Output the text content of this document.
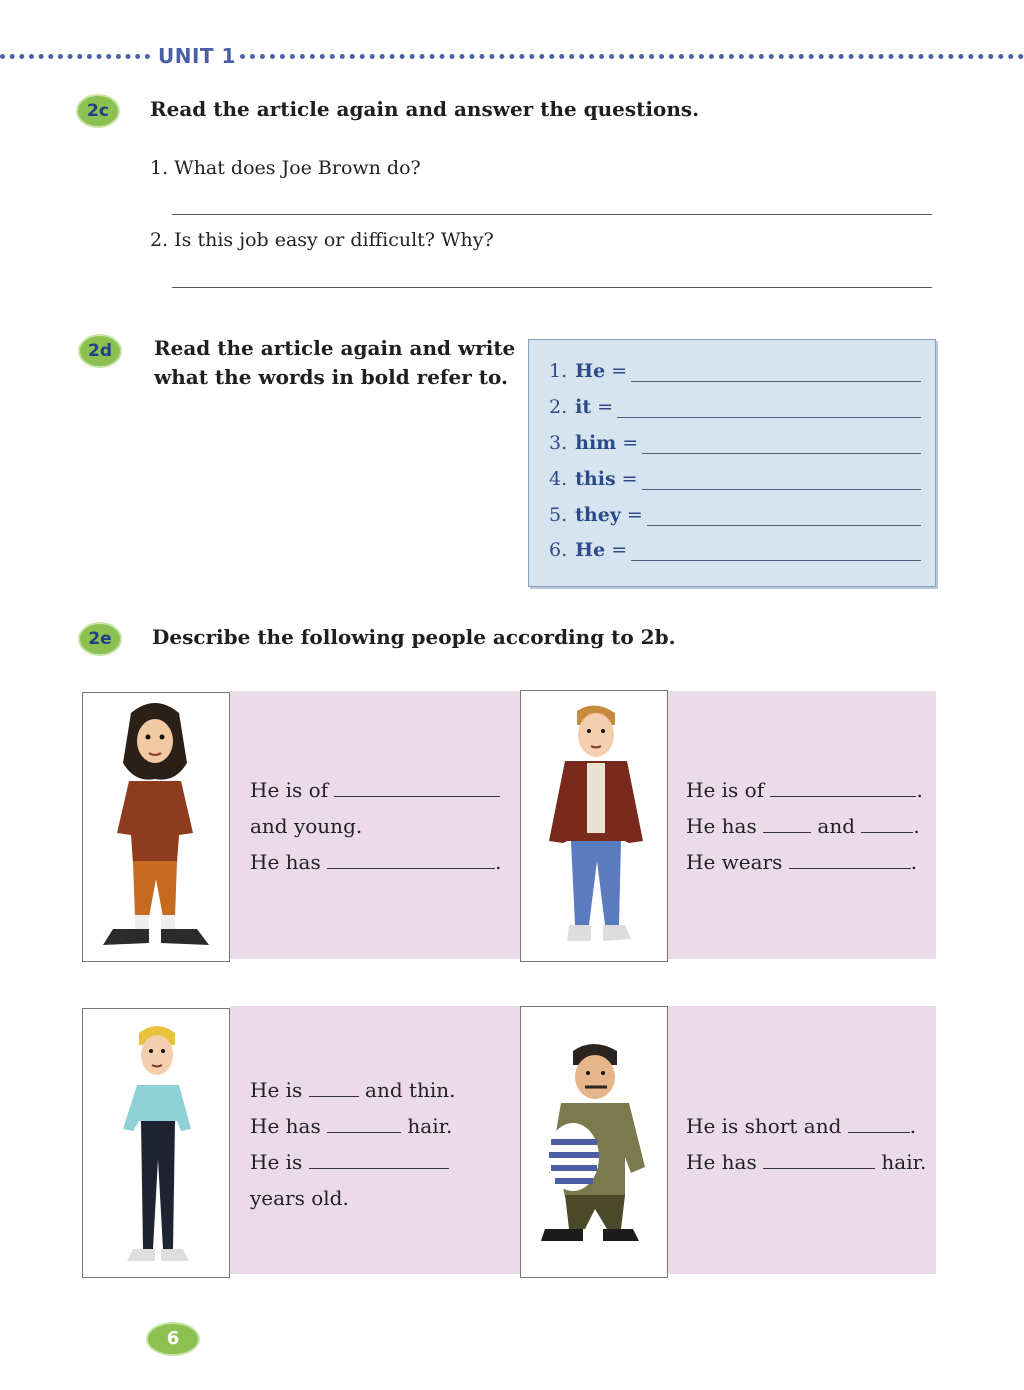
UNIT 1
2c	Read the article again and answer the questions.
1. What does Joe Brown do?
2. Is this job easy or difficult? Why?
2d	Read the article again and write
what the words in bold refer to. 1. He =
2. it =
3. him =
4. this =
5. they =
6. He =
2e	Describe the following people according to 2b.
He is of
and young.
He has	.
He is of	.
He has	and	.
He wears	.
He is	and thin.
He has	hair.
He is
years old.
He is short and	.
He has	hair.
6
